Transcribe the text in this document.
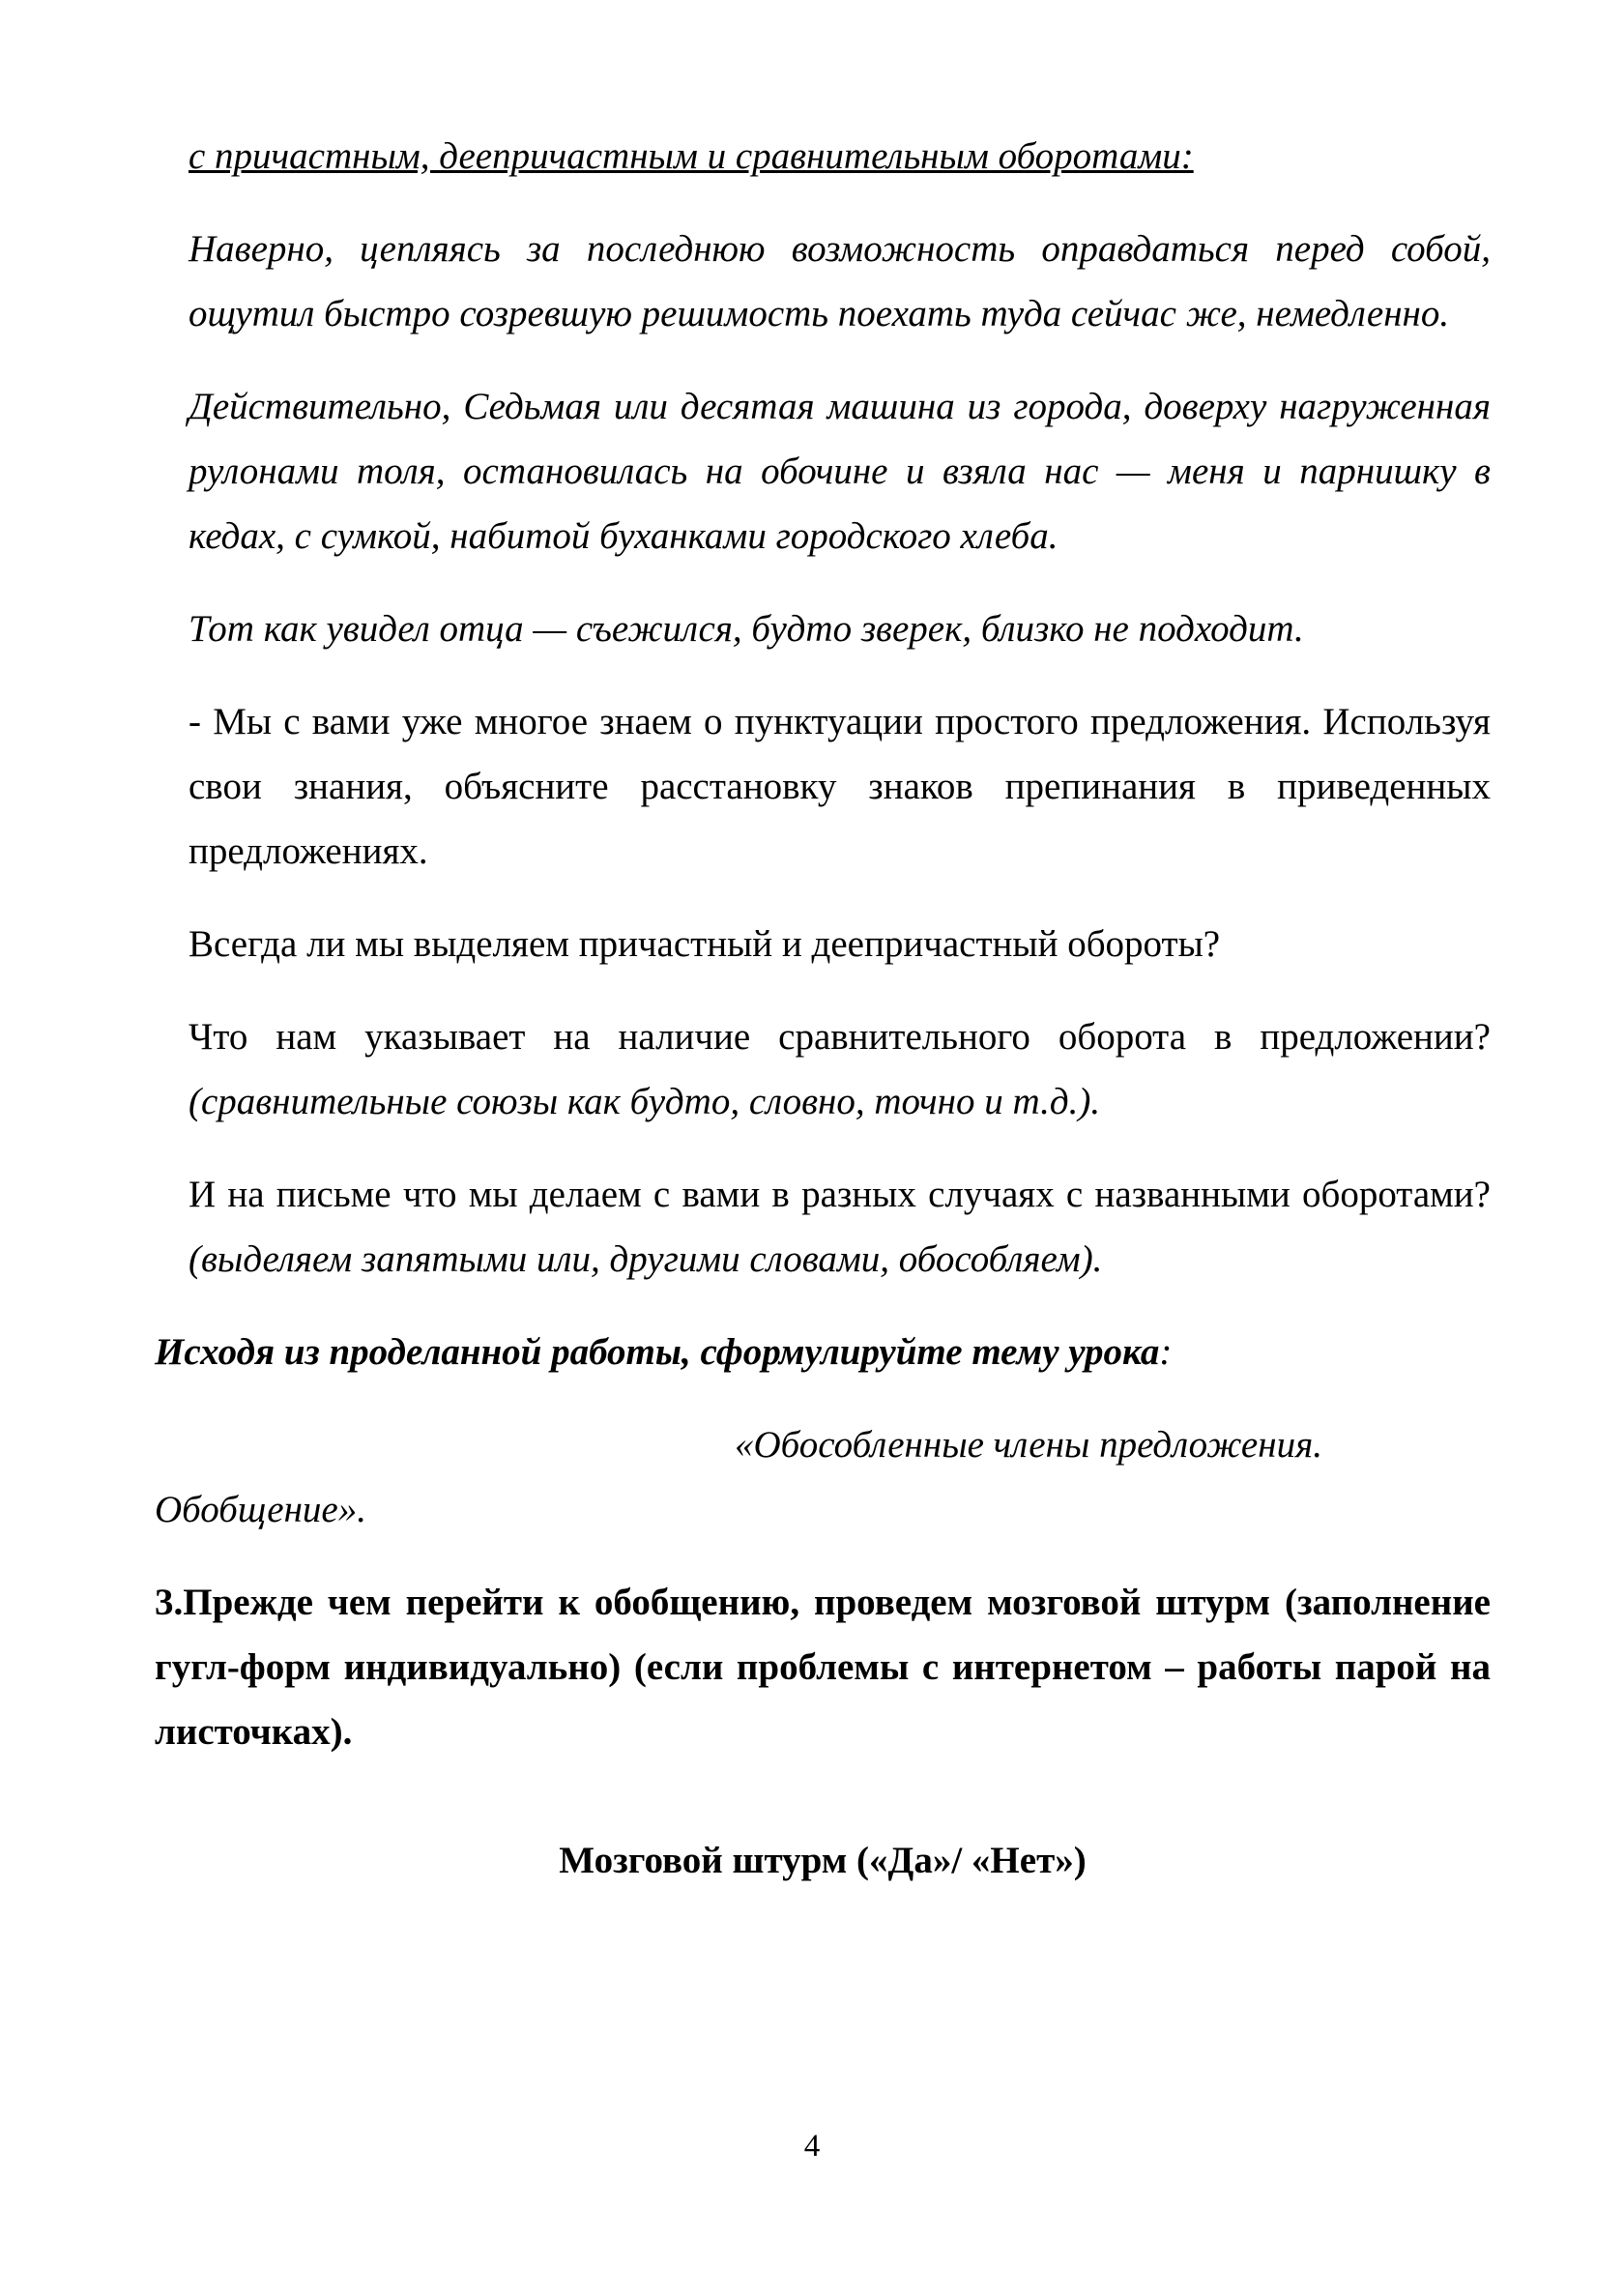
с причастным, деепричастным и сравнительным оборотами:

Наверно, цепляясь за последнюю возможность оправдаться перед собой, ощутил быстро созревшую решимость поехать туда сейчас же, немедленно.

Действительно, Седьмая или десятая машина из города, доверху нагруженная рулонами толя, остановилась на обочине и взяла нас — меня и парнишку в кедах, с сумкой, набитой буханками городского хлеба.

Тот как увидел отца — съежился, будто зверек, близко не подходит.

- Мы с вами уже многое знаем о пунктуации простого предложения. Используя свои знания, объясните расстановку знаков препинания в приведенных предложениях.

Всегда ли мы выделяем причастный и деепричастный обороты?

Что нам указывает на наличие сравнительного оборота в предложении? (сравнительные союзы как будто, словно, точно и т.д.).

И на письме что мы делаем с вами в разных случаях с названными оборотами? (выделяем запятыми или, другими словами, обособляем).

Исходя из проделанной работы, сформулируйте тему урока:

«Обособленные члены предложения.
Обобщение».

3.Прежде чем перейти к обобщению, проведем мозговой штурм (заполнение гугл-форм индивидуально) (если проблемы с интернетом – работы парой на листочках).

Мозговой штурм («Да»/ «Нет»)

4
